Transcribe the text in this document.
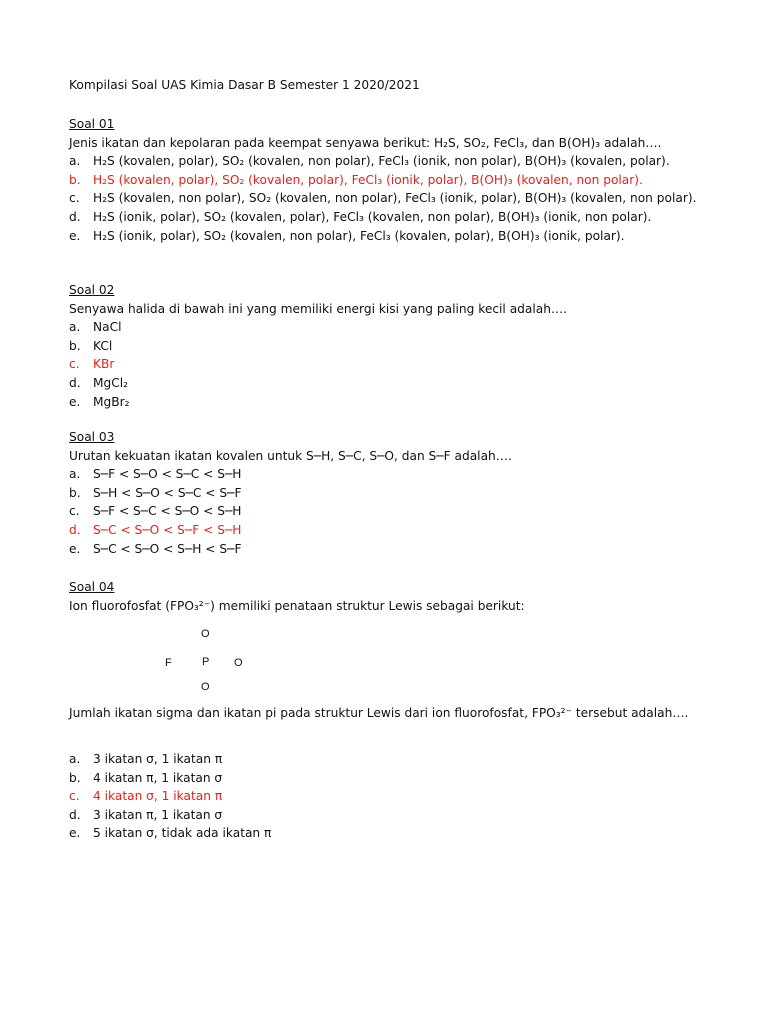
Kompilasi Soal UAS Kimia Dasar B Semester 1 2020/2021
Soal 01
Jenis ikatan dan kepolaran pada keempat senyawa berikut: H₂S, SO₂, FeCl₃, dan B(OH)₃ adalah….
a.	H₂S (kovalen, polar), SO₂ (kovalen, non polar), FeCl₃ (ionik, non polar), B(OH)₃ (kovalen, polar).
b.	H₂S (kovalen, polar), SO₂ (kovalen, polar), FeCl₃ (ionik, polar), B(OH)₃ (kovalen, non polar).
c.	H₂S (kovalen, non polar), SO₂ (kovalen, non polar), FeCl₃ (ionik, polar), B(OH)₃ (kovalen, non polar).
d.	H₂S (ionik, polar), SO₂ (kovalen, polar), FeCl₃ (kovalen, non polar), B(OH)₃ (ionik, non polar).
e.	H₂S (ionik, polar), SO₂ (kovalen, non polar), FeCl₃ (kovalen, polar), B(OH)₃ (ionik, polar).
Soal 02
Senyawa halida di bawah ini yang memiliki energi kisi yang paling kecil adalah….
a.	NaCl
b.	KCl
c.	KBr
d.	MgCl₂
e.	MgBr₂
Soal 03
Urutan kekuatan ikatan kovalen untuk S─H, S─C, S─O, dan S─F adalah….
a.	S─F < S─O < S─C < S─H
b.	S─H < S─O < S─C < S─F
c.	S─F < S─C < S─O < S─H
d.	S─C < S─O < S─F < S─H
e.	S─C < S─O < S─H < S─F
Soal 04
Ion fluorofosfat (FPO₃²⁻) memiliki penataan struktur Lewis sebagai berikut:
O
F	P O
O
Jumlah ikatan sigma dan ikatan pi pada struktur Lewis dari ion fluorofosfat, FPO₃²⁻ tersebut adalah….
a.	3 ikatan σ, 1 ikatan π
b.	4 ikatan π, 1 ikatan σ
c.	4 ikatan σ, 1 ikatan π
d.	3 ikatan π, 1 ikatan σ
e.	5 ikatan σ, tidak ada ikatan π
